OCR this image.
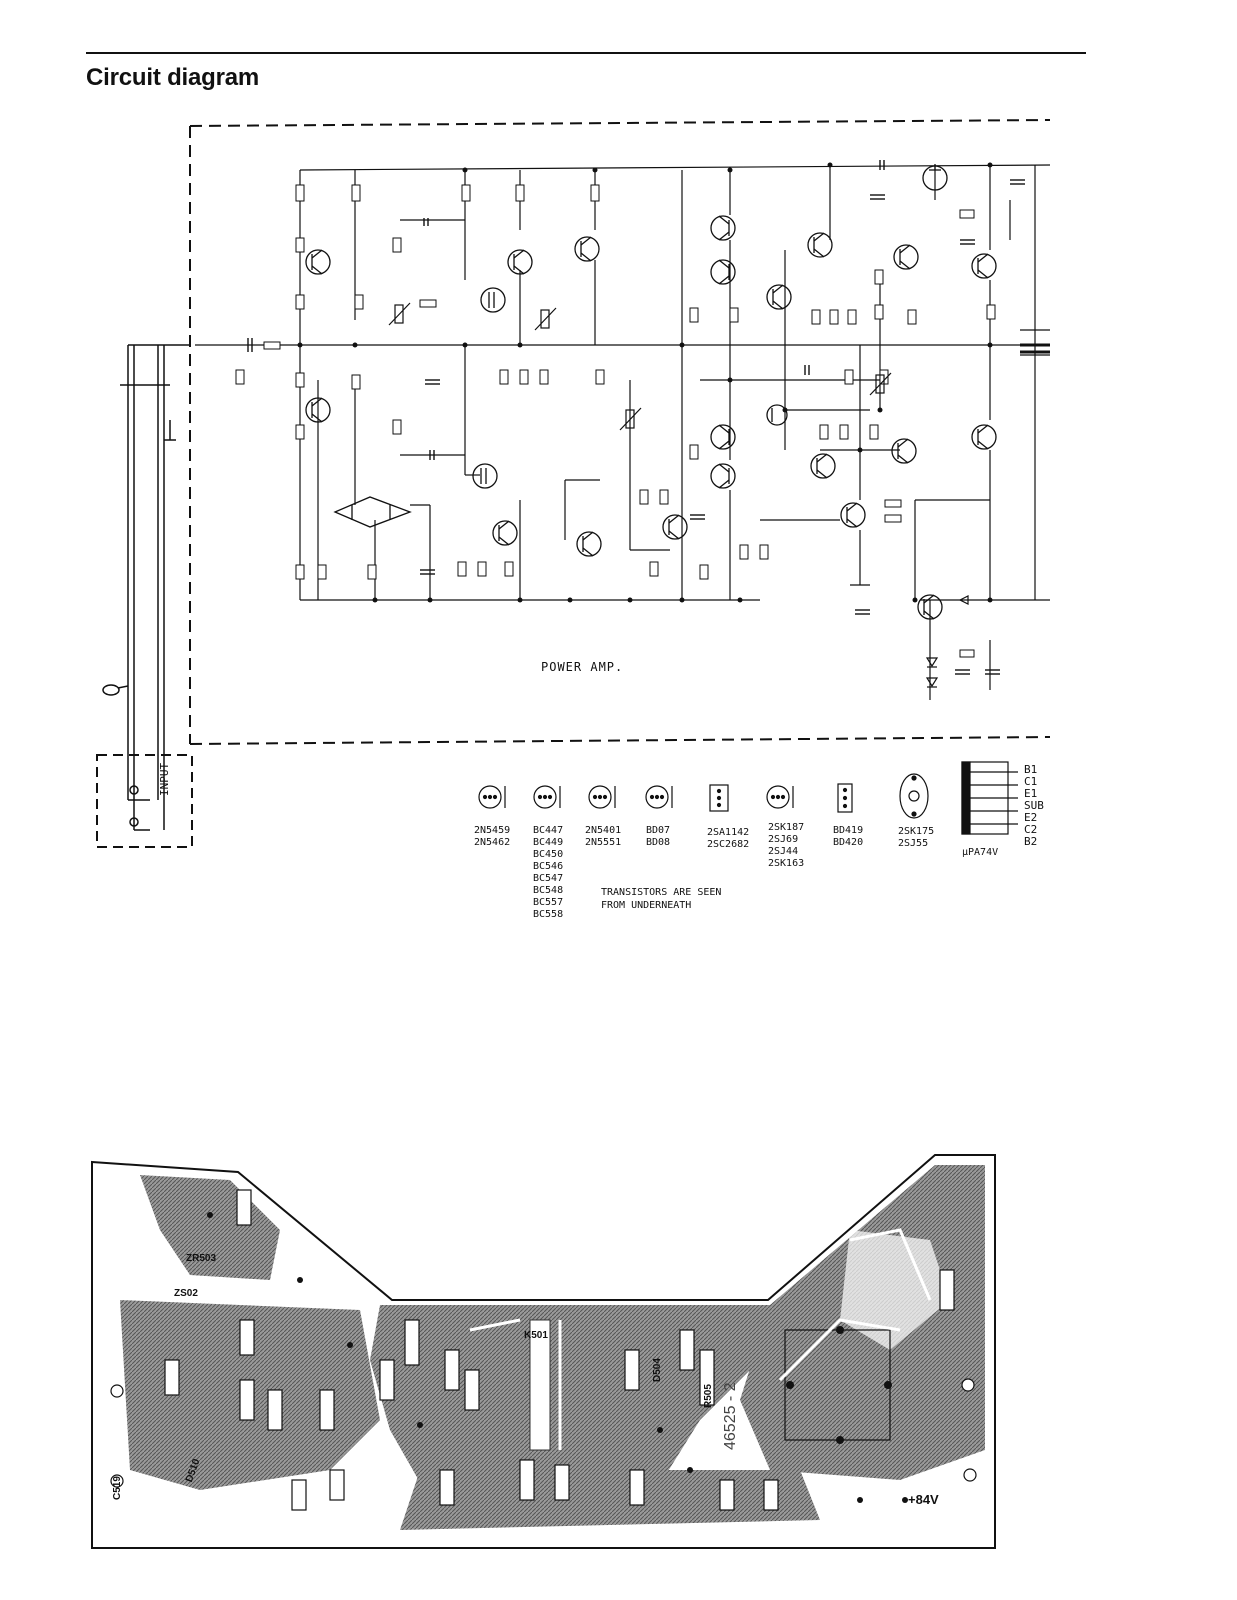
Circuit diagram
B1
C1
E1
SUB
E2
C2
B2
POWER AMP.
INPUT
2N5459
2N5462
BC447
BC449
BC450
BC546
BC547
BC548
BC557
BC558
2N5401
2N5551
BD07
BD08
2SA1142
2SC2682
2SK187
2SJ69
2SJ44
2SK163
BD419
BD420
2SK175
2SJ55
µPA74V
TRANSISTORS ARE SEEN FROM UNDERNEATH
ZR503
ZS02
K501
C519
D510
R505
D504
+84V
46525 - 2
